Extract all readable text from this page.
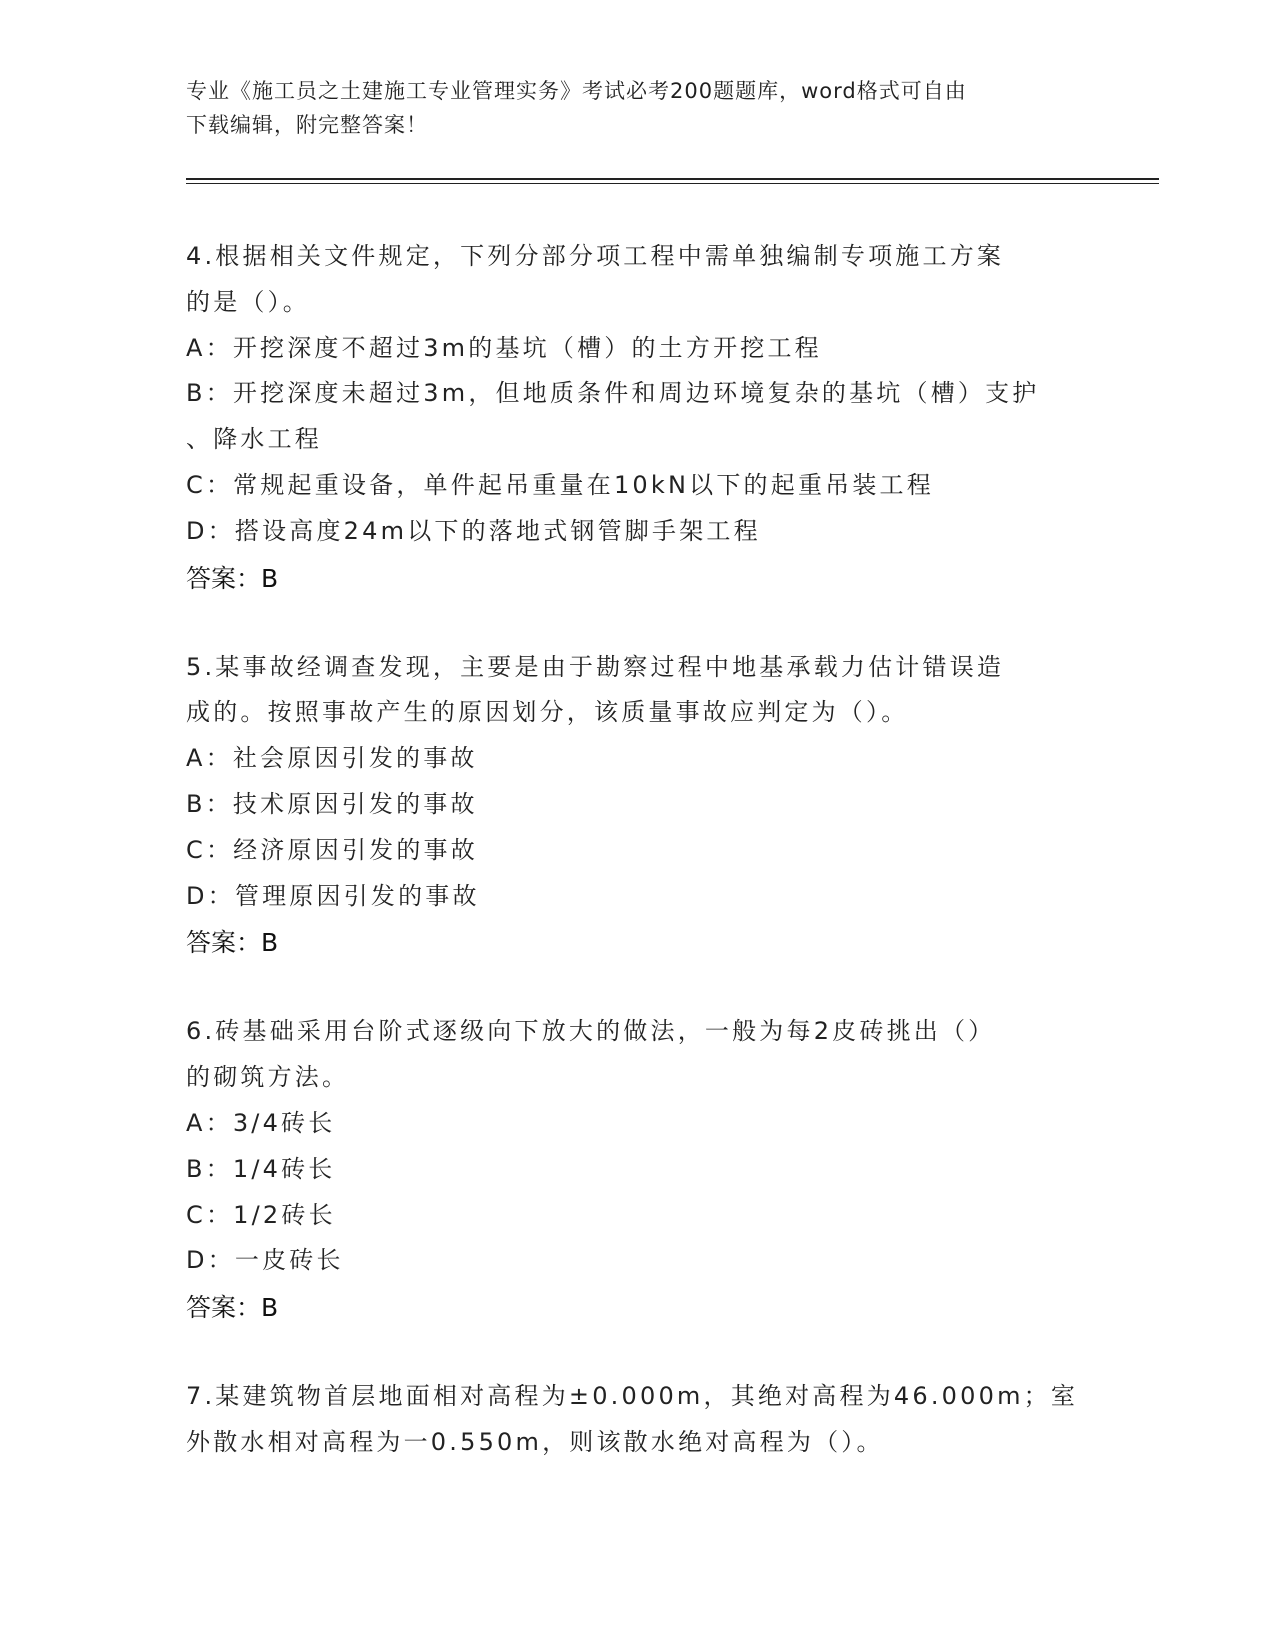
专业《施工员之土建施工专业管理实务》考试必考200题题库，word格式可自由
下载编辑，附完整答案！

4.根据相关文件规定，下列分部分项工程中需单独编制专项施工方案

的是（）。

A：开挖深度不超过3m的基坑（槽）的土方开挖工程

B：开挖深度未超过3m，但地质条件和周边环境复杂的基坑（槽）支护

、降水工程

C：常规起重设备，单件起吊重量在10kN以下的起重吊装工程

D：搭设高度24m以下的落地式钢管脚手架工程

答案：B

5.某事故经调查发现，主要是由于勘察过程中地基承载力估计错误造

成的。按照事故产生的原因划分，该质量事故应判定为（）。

A：社会原因引发的事故

B：技术原因引发的事故

C：经济原因引发的事故

D：管理原因引发的事故

答案：B

6.砖基础采用台阶式逐级向下放大的做法，一般为每2皮砖挑出（）

的砌筑方法。

A：3/4砖长

B：1/4砖长

C：1/2砖长

D：一皮砖长

答案：B

7.某建筑物首层地面相对高程为±0.000m，其绝对高程为46.000m；室

外散水相对高程为一0.550m，则该散水绝对高程为（）。
